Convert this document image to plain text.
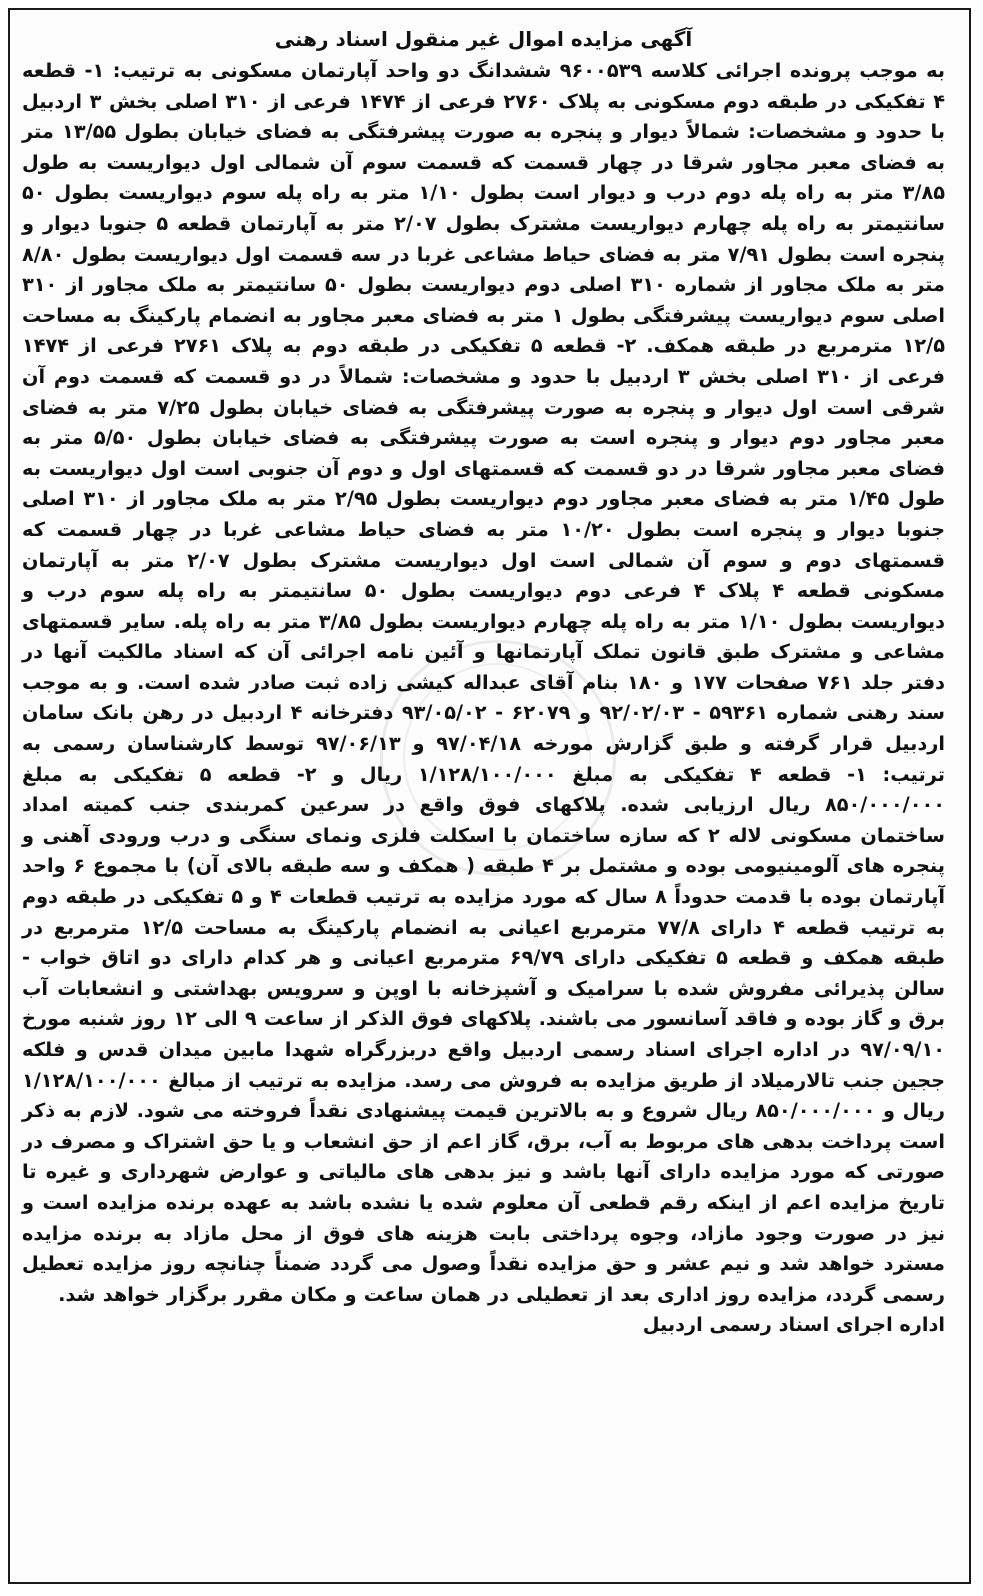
آگهی مزایده اموال غیر منقول اسناد رهنی

به موجب پرونده اجرائی کلاسه ۹۶۰۰۵۳۹ ششدانگ دو واحد آپارتمان مسکونی به ترتیب: ۱- قطعه ۴ تفکیکی در طبقه دوم مسکونی به پلاک ۲۷۶۰ فرعی از ۱۴۷۴ فرعی از ۳۱۰ اصلی بخش ۳ اردبیل با حدود و مشخصات: شمالاً دیوار و پنجره به صورت پیشرفتگی به فضای خیابان بطول ۱۳/۵۵ متر به فضای معبر مجاور شرقا در چهار قسمت که قسمت سوم آن شمالی اول دیواریست به طول ۳/۸۵ متر به راه پله دوم درب و دیوار است بطول ۱/۱۰ متر به راه پله سوم دیواریست بطول ۵۰ سانتیمتر به راه پله چهارم دیواریست مشترک بطول ۲/۰۷ متر به آپارتمان قطعه ۵ جنوبا دیوار و پنجره است بطول ۷/۹۱ متر به فضای حیاط مشاعی غربا در سه قسمت اول دیواریست بطول ۸/۸۰ متر به ملک مجاور از شماره ۳۱۰ اصلی دوم دیواریست بطول ۵۰ سانتیمتر به ملک مجاور از ۳۱۰ اصلی سوم دیواریست پیشرفتگی بطول ۱ متر به فضای معبر مجاور به انضمام پارکینگ به مساحت ۱۲/۵ مترمربع در طبقه همکف. ۲- قطعه ۵ تفکیکی در طبقه دوم به پلاک ۲۷۶۱ فرعی از ۱۴۷۴ فرعی از ۳۱۰ اصلی بخش ۳ اردبیل با حدود و مشخصات: شمالاً در دو قسمت که قسمت دوم آن شرقی است اول دیوار و پنجره به صورت پیشرفتگی به فضای خیابان بطول ۷/۲۵ متر به فضای معبر مجاور دوم دیوار و پنجره است به صورت پیشرفتگی به فضای خیابان بطول ۵/۵۰ متر به فضای معبر مجاور شرقا در دو قسمت که قسمتهای اول و دوم آن جنوبی است اول دیواریست به طول ۱/۴۵ متر به فضای معبر مجاور دوم دیواریست بطول ۲/۹۵ متر به ملک مجاور از ۳۱۰ اصلی جنوبا دیوار و پنجره است بطول ۱۰/۲۰ متر به فضای حیاط مشاعی غربا در چهار قسمت که قسمتهای دوم و سوم آن شمالی است اول دیواریست مشترک بطول ۲/۰۷ متر به آپارتمان مسکونی قطعه ۴ پلاک ۴ فرعی دوم دیواریست بطول ۵۰ سانتیمتر به راه پله سوم درب و دیواریست بطول ۱/۱۰ متر به راه پله چهارم دیواریست بطول ۳/۸۵ متر به راه پله. سایر قسمتهای مشاعی و مشترک طبق قانون تملک آپارتمانها و آئین نامه اجرائی آن که اسناد مالکیت آنها در دفتر جلد ۷۶۱ صفحات ۱۷۷ و ۱۸۰ بنام آقای عبداله کیشی زاده ثبت صادر شده است. و به موجب سند رهنی شماره ۵۹۳۶۱ - ۹۲/۰۲/۰۳ و ۶۲۰۷۹ - ۹۳/۰۵/۰۲ دفترخانه ۴ اردبیل در رهن بانک سامان اردبیل قرار گرفته و طبق گزارش مورخه ۹۷/۰۴/۱۸ و ۹۷/۰۶/۱۳ توسط کارشناسان رسمی به ترتیب: ۱- قطعه ۴ تفکیکی به مبلغ ۱/۱۲۸/۱۰۰/۰۰۰ ریال و ۲- قطعه ۵ تفکیکی به مبلغ ۸۵۰/۰۰۰/۰۰۰ ریال ارزیابی شده. پلاکهای فوق واقع در سرعین کمربندی جنب کمیته امداد ساختمان مسکونی لاله ۲ که سازه ساختمان با اسکلت فلزی ونمای سنگی و درب ورودی آهنی و پنجره های آلومینیومی بوده و مشتمل بر ۴ طبقه ( همکف و سه طبقه بالای آن) با مجموع ۶ واحد آپارتمان بوده با قدمت حدوداً ۸ سال که مورد مزایده به ترتیب قطعات ۴ و ۵ تفکیکی در طبقه دوم به ترتیب قطعه ۴ دارای ۷۷/۸ مترمربع اعیانی به انضمام پارکینگ به مساحت ۱۲/۵ مترمربع در طبقه همکف و قطعه ۵ تفکیکی دارای ۶۹/۷۹ مترمربع اعیانی و هر کدام دارای دو اتاق خواب - سالن پذیرائی مفروش شده با سرامیک و آشپزخانه با اوپن و سرویس بهداشتی و انشعابات آب برق و گاز بوده و فاقد آسانسور می باشند. پلاکهای فوق الذکر از ساعت ۹ الی ۱۲ روز شنبه مورخ ۹۷/۰۹/۱۰ در اداره اجرای اسناد رسمی اردبیل واقع دربزرگراه شهدا مابین میدان قدس و فلکه ججین جنب تالارمیلاد از طریق مزایده به فروش می رسد. مزایده به ترتیب از مبالغ ۱/۱۲۸/۱۰۰/۰۰۰ ریال و ۸۵۰/۰۰۰/۰۰۰ ریال شروع و به بالاترین قیمت پیشنهادی نقداً فروخته می شود. لازم به ذکر است پرداخت بدهی های مربوط به آب، برق، گاز اعم از حق انشعاب و یا حق اشتراک و مصرف در صورتی که مورد مزایده دارای آنها باشد و نیز بدهی های مالیاتی و عوارض شهرداری و غیره تا تاریخ مزایده اعم از اینکه رقم قطعی آن معلوم شده یا نشده باشد به عهده برنده مزایده است و نیز در صورت وجود مازاد، وجوه پرداختی بابت هزینه های فوق از محل مازاد به برنده مزایده مسترد خواهد شد و نیم عشر و حق مزایده نقداً وصول می گردد ضمناً چنانچه روز مزایده تعطیل رسمی گردد، مزایده روز اداری بعد از تعطیلی در همان ساعت و مکان مقرر برگزار خواهد شد.

اداره اجرای اسناد رسمی اردبیل
